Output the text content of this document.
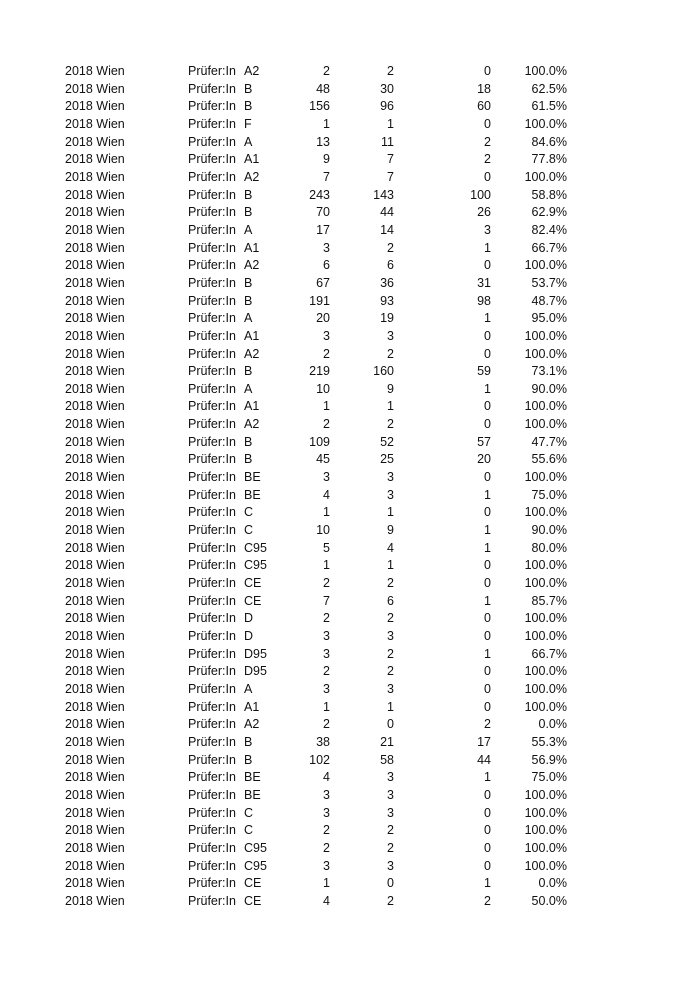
2018 Wien	Prüfer:In A2	2	2	0	100.0%
2018 Wien	Prüfer:In B	48	30	18	62.5%
2018 Wien	Prüfer:In B	156	96	60	61.5%
2018 Wien	Prüfer:In F	1	1	0	100.0%
2018 Wien	Prüfer:In A	13	11	2	84.6%
2018 Wien	Prüfer:In A1	9	7	2	77.8%
2018 Wien	Prüfer:In A2	7	7	0	100.0%
2018 Wien	Prüfer:In B	243	143	100	58.8%
2018 Wien	Prüfer:In B	70	44	26	62.9%
2018 Wien	Prüfer:In A	17	14	3	82.4%
2018 Wien	Prüfer:In A1	3	2	1	66.7%
2018 Wien	Prüfer:In A2	6	6	0	100.0%
2018 Wien	Prüfer:In B	67	36	31	53.7%
2018 Wien	Prüfer:In B	191	93	98	48.7%
2018 Wien	Prüfer:In A	20	19	1	95.0%
2018 Wien	Prüfer:In A1	3	3	0	100.0%
2018 Wien	Prüfer:In A2	2	2	0	100.0%
2018 Wien	Prüfer:In B	219	160	59	73.1%
2018 Wien	Prüfer:In A	10	9	1	90.0%
2018 Wien	Prüfer:In A1	1	1	0	100.0%
2018 Wien	Prüfer:In A2	2	2	0	100.0%
2018 Wien	Prüfer:In B	109	52	57	47.7%
2018 Wien	Prüfer:In B	45	25	20	55.6%
2018 Wien	Prüfer:In BE	3	3	0	100.0%
2018 Wien	Prüfer:In BE	4	3	1	75.0%
2018 Wien	Prüfer:In C	1	1	0	100.0%
2018 Wien	Prüfer:In C	10	9	1	90.0%
2018 Wien	Prüfer:In C95	5	4	1	80.0%
2018 Wien	Prüfer:In C95	1	1	0	100.0%
2018 Wien	Prüfer:In CE	2	2	0	100.0%
2018 Wien	Prüfer:In CE	7	6	1	85.7%
2018 Wien	Prüfer:In D	2	2	0	100.0%
2018 Wien	Prüfer:In D	3	3	0	100.0%
2018 Wien	Prüfer:In D95	3	2	1	66.7%
2018 Wien	Prüfer:In D95	2	2	0	100.0%
2018 Wien	Prüfer:In A	3	3	0	100.0%
2018 Wien	Prüfer:In A1	1	1	0	100.0%
2018 Wien	Prüfer:In A2	2	0	2	0.0%
2018 Wien	Prüfer:In B	38	21	17	55.3%
2018 Wien	Prüfer:In B	102	58	44	56.9%
2018 Wien	Prüfer:In BE	4	3	1	75.0%
2018 Wien	Prüfer:In BE	3	3	0	100.0%
2018 Wien	Prüfer:In C	3	3	0	100.0%
2018 Wien	Prüfer:In C	2	2	0	100.0%
2018 Wien	Prüfer:In C95	2	2	0	100.0%
2018 Wien	Prüfer:In C95	3	3	0	100.0%
2018 Wien	Prüfer:In CE	1	0	1	0.0%
2018 Wien	Prüfer:In CE	4	2	2	50.0%
